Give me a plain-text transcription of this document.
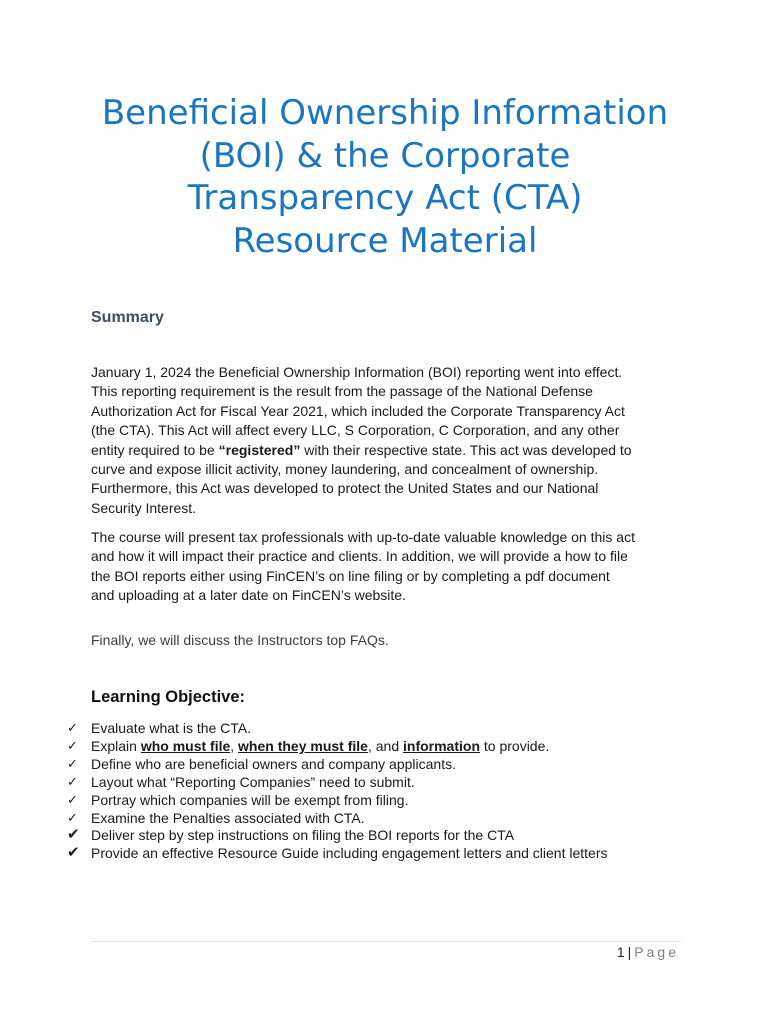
Beneficial Ownership Information
(BOI) & the Corporate
Transparency Act (CTA)
Resource Material
Summary

January 1, 2024 the Beneficial Ownership Information (BOI) reporting went into effect.
This reporting requirement is the result from the passage of the National Defense
Authorization Act for Fiscal Year 2021, which included the Corporate Transparency Act
(the CTA). This Act will affect every LLC, S Corporation, C Corporation, and any other
entity required to be “registered” with their respective state. This act was developed to
curve and expose illicit activity, money laundering, and concealment of ownership.
Furthermore, this Act was developed to protect the United States and our National
Security Interest.

The course will present tax professionals with up-to-date valuable knowledge on this act
and how it will impact their practice and clients. In addition, we will provide a how to file
the BOI reports either using FinCEN’s on line filing or by completing a pdf document
and uploading at a later date on FinCEN’s website.

Finally, we will discuss the Instructors top FAQs.

Learning Objective:
✓ Evaluate what is the CTA.
✓ Explain who must file, when they must file, and information to provide.
✓ Define who are beneficial owners and company applicants.
✓ Layout what “Reporting Companies” need to submit.
✓ Portray which companies will be exempt from filing.
✓ Examine the Penalties associated with CTA.
✔ Deliver step by step instructions on filing the BOI reports for the CTA
✔ Provide an effective Resource Guide including engagement letters and client letters
1 | Page
